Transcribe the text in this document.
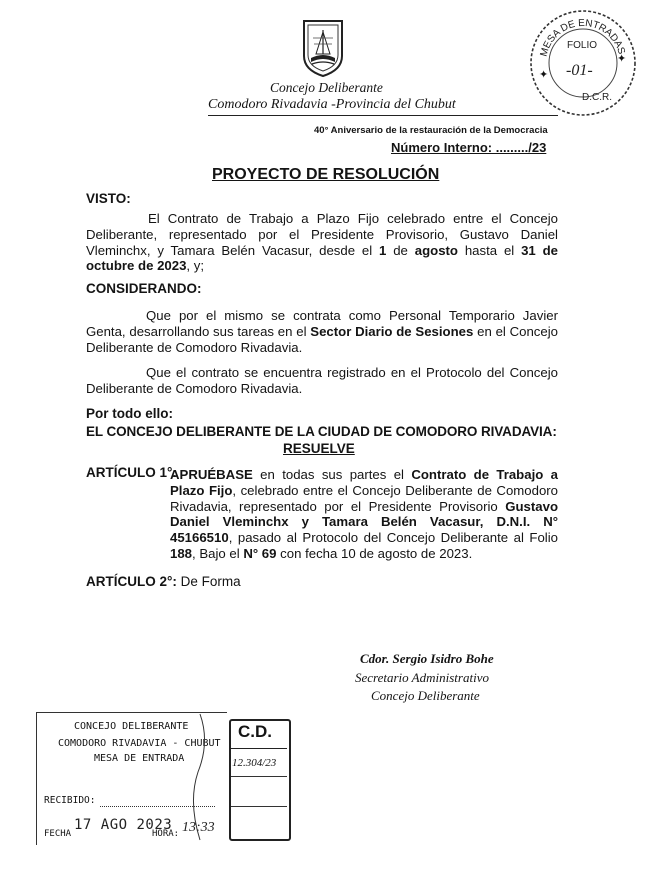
Concejo Deliberante
Comodoro Rivadavia -Provincia del Chubut
40° Aniversario de la restauración de la Democracia
Número Interno: ........./23
MESA DE ENTRADAS
FOLIO
-01-
✦
✦
D.C.R.
PROYECTO DE RESOLUCIÓN
VISTO:
El Contrato de Trabajo a Plazo Fijo celebrado entre el Concejo Deliberante, representado por el Presidente Provisorio, Gustavo Daniel Vleminchx, y Tamara Belén Vacasur, desde el 1 de agosto hasta el 31 de octubre de 2023, y;
CONSIDERANDO:
Que por el mismo se contrata como Personal Temporario Javier Genta, desarrollando sus tareas en el Sector Diario de Sesiones en el Concejo Deliberante de Comodoro Rivadavia.
Que el contrato se encuentra registrado en el Protocolo del Concejo Deliberante de Comodoro Rivadavia.
Por todo ello:
EL CONCEJO DELIBERANTE DE LA CIUDAD DE COMODORO RIVADAVIA:
RESUELVE
ARTÍCULO 1°:
APRUÉBASE en todas sus partes el Contrato de Trabajo a Plazo Fijo, celebrado entre el Concejo Deliberante de Comodoro Rivadavia, representado por el Presidente Provisorio Gustavo Daniel Vleminchx y Tamara Belén Vacasur, D.N.I. N° 45166510, pasado al Protocolo del Concejo Deliberante al Folio 188, Bajo el N° 69 con fecha 10 de agosto de 2023.
ARTÍCULO 2°: De Forma
Cdor. Sergio Isidro Bohe
Secretario Administrativo
Concejo Deliberante
CONCEJO DELIBERANTE
COMODORO RIVADAVIA - CHUBUT
MESA DE ENTRADA
RECIBIDO:
FECHA
17 AGO 2023
HORA: 13:33
C.D.
12.304/23
